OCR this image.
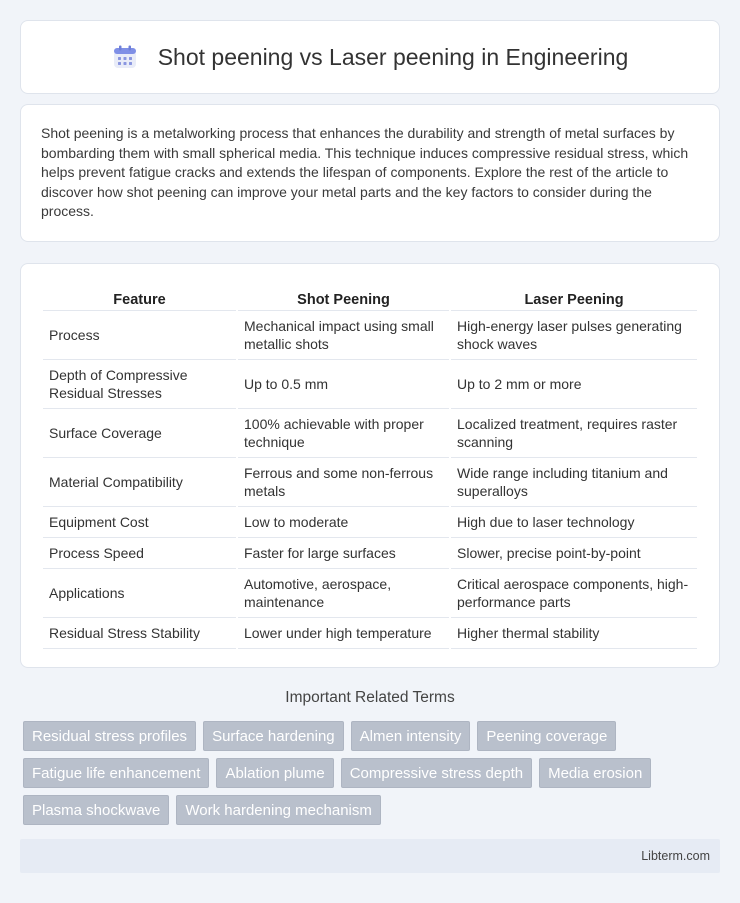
Shot peening vs Laser peening in Engineering

Shot peening is a metalworking process that enhances the durability and strength of metal surfaces by bombarding them with small spherical media. This technique induces compressive residual stress, which helps prevent fatigue cracks and extends the lifespan of components. Explore the rest of the article to discover how shot peening can improve your metal parts and the key factors to consider during the process.

Feature	Shot Peening	Laser Peening
Process	Mechanical impact using small metallic shots	High-energy laser pulses generating shock waves
Depth of Compressive Residual Stresses	Up to 0.5 mm	Up to 2 mm or more
Surface Coverage	100% achievable with proper technique	Localized treatment, requires raster scanning
Material Compatibility	Ferrous and some non-ferrous metals	Wide range including titanium and superalloys
Equipment Cost	Low to moderate	High due to laser technology
Process Speed	Faster for large surfaces	Slower, precise point-by-point
Applications	Automotive, aerospace, maintenance	Critical aerospace components, high-performance parts
Residual Stress Stability	Lower under high temperature	Higher thermal stability
Important Related Terms
Residual stress profiles	Surface hardening	Almen intensity	Peening coverage
Fatigue life enhancement	Ablation plume	Compressive stress depth	Media erosion
Plasma shockwave	Work hardening mechanism
Libterm.com
